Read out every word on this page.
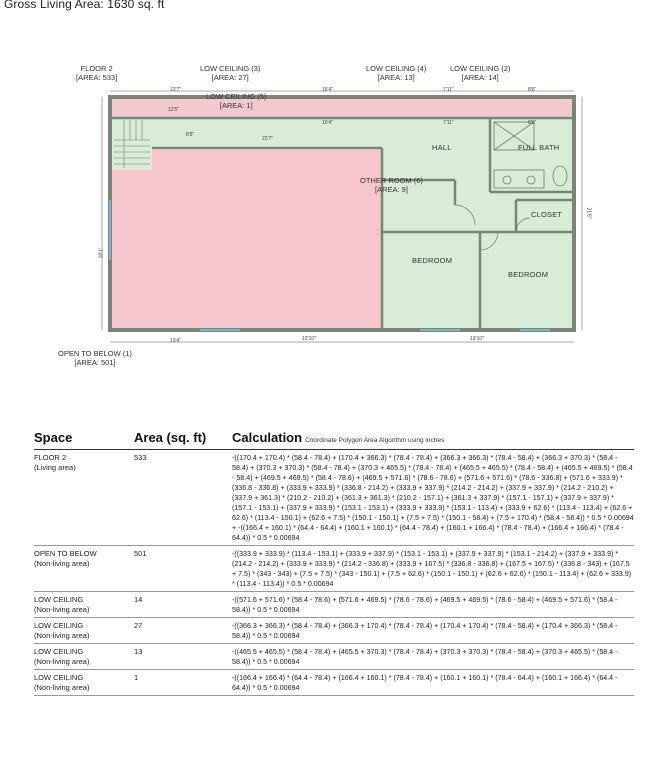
Gross Living Area: 1630 sq. ft
FLOOR 2
[AREA: 533]
LOW CEILING (3)
[AREA: 27]
LOW CEILING (4)
[AREA: 13]
LOW CEILING (2)
[AREA: 14]
LOW CEILING (5)
[AREA: 1]
OTHER ROOM (6)
[AREA: 9]
OPEN TO BELOW (1)
[AREA: 501]
HALL	FULL BATH
CLOSET
BEDROOM
BEDROOM
13'7"	16'4"	7'11"	8'6"
12'5"
8'8"
22'7"
16'4"	7'11"	8'6"
13'4"	13'10"	19'10"
18'1"
21'6"
Space	Area (sq. ft)	Calculation Coordinate Polygon Area Algorithm using inches
FLOOR 2
(Living area)
533	-((170.4 + 170.4) * (58.4 - 78.4) + (170.4 + 366.3) * (78.4 - 78.4) + (366.3 + 366.3) * (78.4 - 58.4) + (366.3 + 370.3) * (58.4 - 58.4) + (370.3 + 370.3) * (58.4 - 78.4) + (370.3 + 465.5) * (78.4 - 78.4) + (465.5 + 465.5) * (78.4 - 58.4) + (465.5 + 469.5) * (58.4 - 58.4) + (469.5 + 469.5) * (58.4 - 78.6) + (469.5 + 571.6) * (78.6 - 78.6) + (571.6 + 571.6) * (78.6 - 336.8) + (571.6 + 333.9) * (336.8 - 336.8) + (333.9 + 333.9) * (336.8 - 214.2) + (333.9 + 337.9) * (214.2 - 214.2) + (337.9 + 337.9) * (214.2 - 210.2) + (337.9 + 361.3) * (210.2 - 210.2) + (361.3 + 361.3) * (210.2 - 157.1) + (361.3 + 337.9) * (157.1 - 157.1) + (337.9 + 337.9) * (157.1 - 153.1) + (337.9 + 333.9) * (153.1 - 153.1) + (333.9 + 333.9) * (153.1 - 113.4) + (333.9 + 62.6) * (113.4 - 113.4) + (62.6 + 62.6) * (113.4 - 150.1) + (62.6 + 7.5) * (150.1 - 150.1) + (7.5 + 7.5) * (150.1 - 58.4) + (7.5 + 170.4) * (58.4 - 58.4)) * 0.5 * 0.00694 + -((166.4 + 160.1) * (64.4 - 64.4) + (160.1 + 160.1) * (64.4 - 78.4) + (160.1 + 166.4) * (78.4 - 78.4) + (166.4 + 166.4) * (78.4 - 64.4)) * 0.5 * 0.00694
OPEN TO BELOW
(Non-living area)
501	-((333.9 + 333.9) * (113.4 - 153.1) + (333.9 + 337.9) * (153.1 - 153.1) + (337.9 + 337.9) * (153.1 - 214.2) + (337.9 + 333.9) * (214.2 - 214.2) + (333.9 + 333.9) * (214.2 - 336.8) + (333.9 + 167.5) * (336.8 - 336.8) + (167.5 + 167.5) * (336.8 - 343) + (167.5 + 7.5) * (343 - 343) + (7.5 + 7.5) * (343 - 150.1) + (7.5 + 62.6) * (150.1 - 150.1) + (62.6 + 62.6) * (150.1 - 113.4) + (62.6 + 333.9) * (113.4 - 113.4)) * 0.5 * 0.00694
LOW CEILING
(Non-living area)
14	-((571.6 + 571.6) * (58.4 - 78.6) + (571.6 + 469.5) * (78.6 - 78.6) + (469.5 + 469.5) * (78.6 - 58.4) + (469.5 + 571.6) * (58.4 - 58.4)) * 0.5 * 0.00694
LOW CEILING
(Non-living area)
27	-((366.3 + 366.3) * (58.4 - 78.4) + (366.3 + 170.4) * (78.4 - 78.4) + (170.4 + 170.4) * (78.4 - 58.4) + (170.4 + 366.3) * (58.4 - 58.4)) * 0.5 * 0.00694
LOW CEILING
(Non-living area)
13	-((465.5 + 465.5) * (58.4 - 78.4) + (465.5 + 370.3) * (78.4 - 78.4) + (370.3 + 370.3) * (78.4 - 58.4) + (370.3 + 465.5) * (58.4 - 58.4)) * 0.5 * 0.00694
LOW CEILING
(Non-living area)
1	-((166.4 + 166.4) * (64.4 - 78.4) + (166.4 + 160.1) * (78.4 - 78.4) + (160.1 + 160.1) * (78.4 - 64.4) + (160.1 + 166.4) * (64.4 - 64.4)) * 0.5 * 0.00694
